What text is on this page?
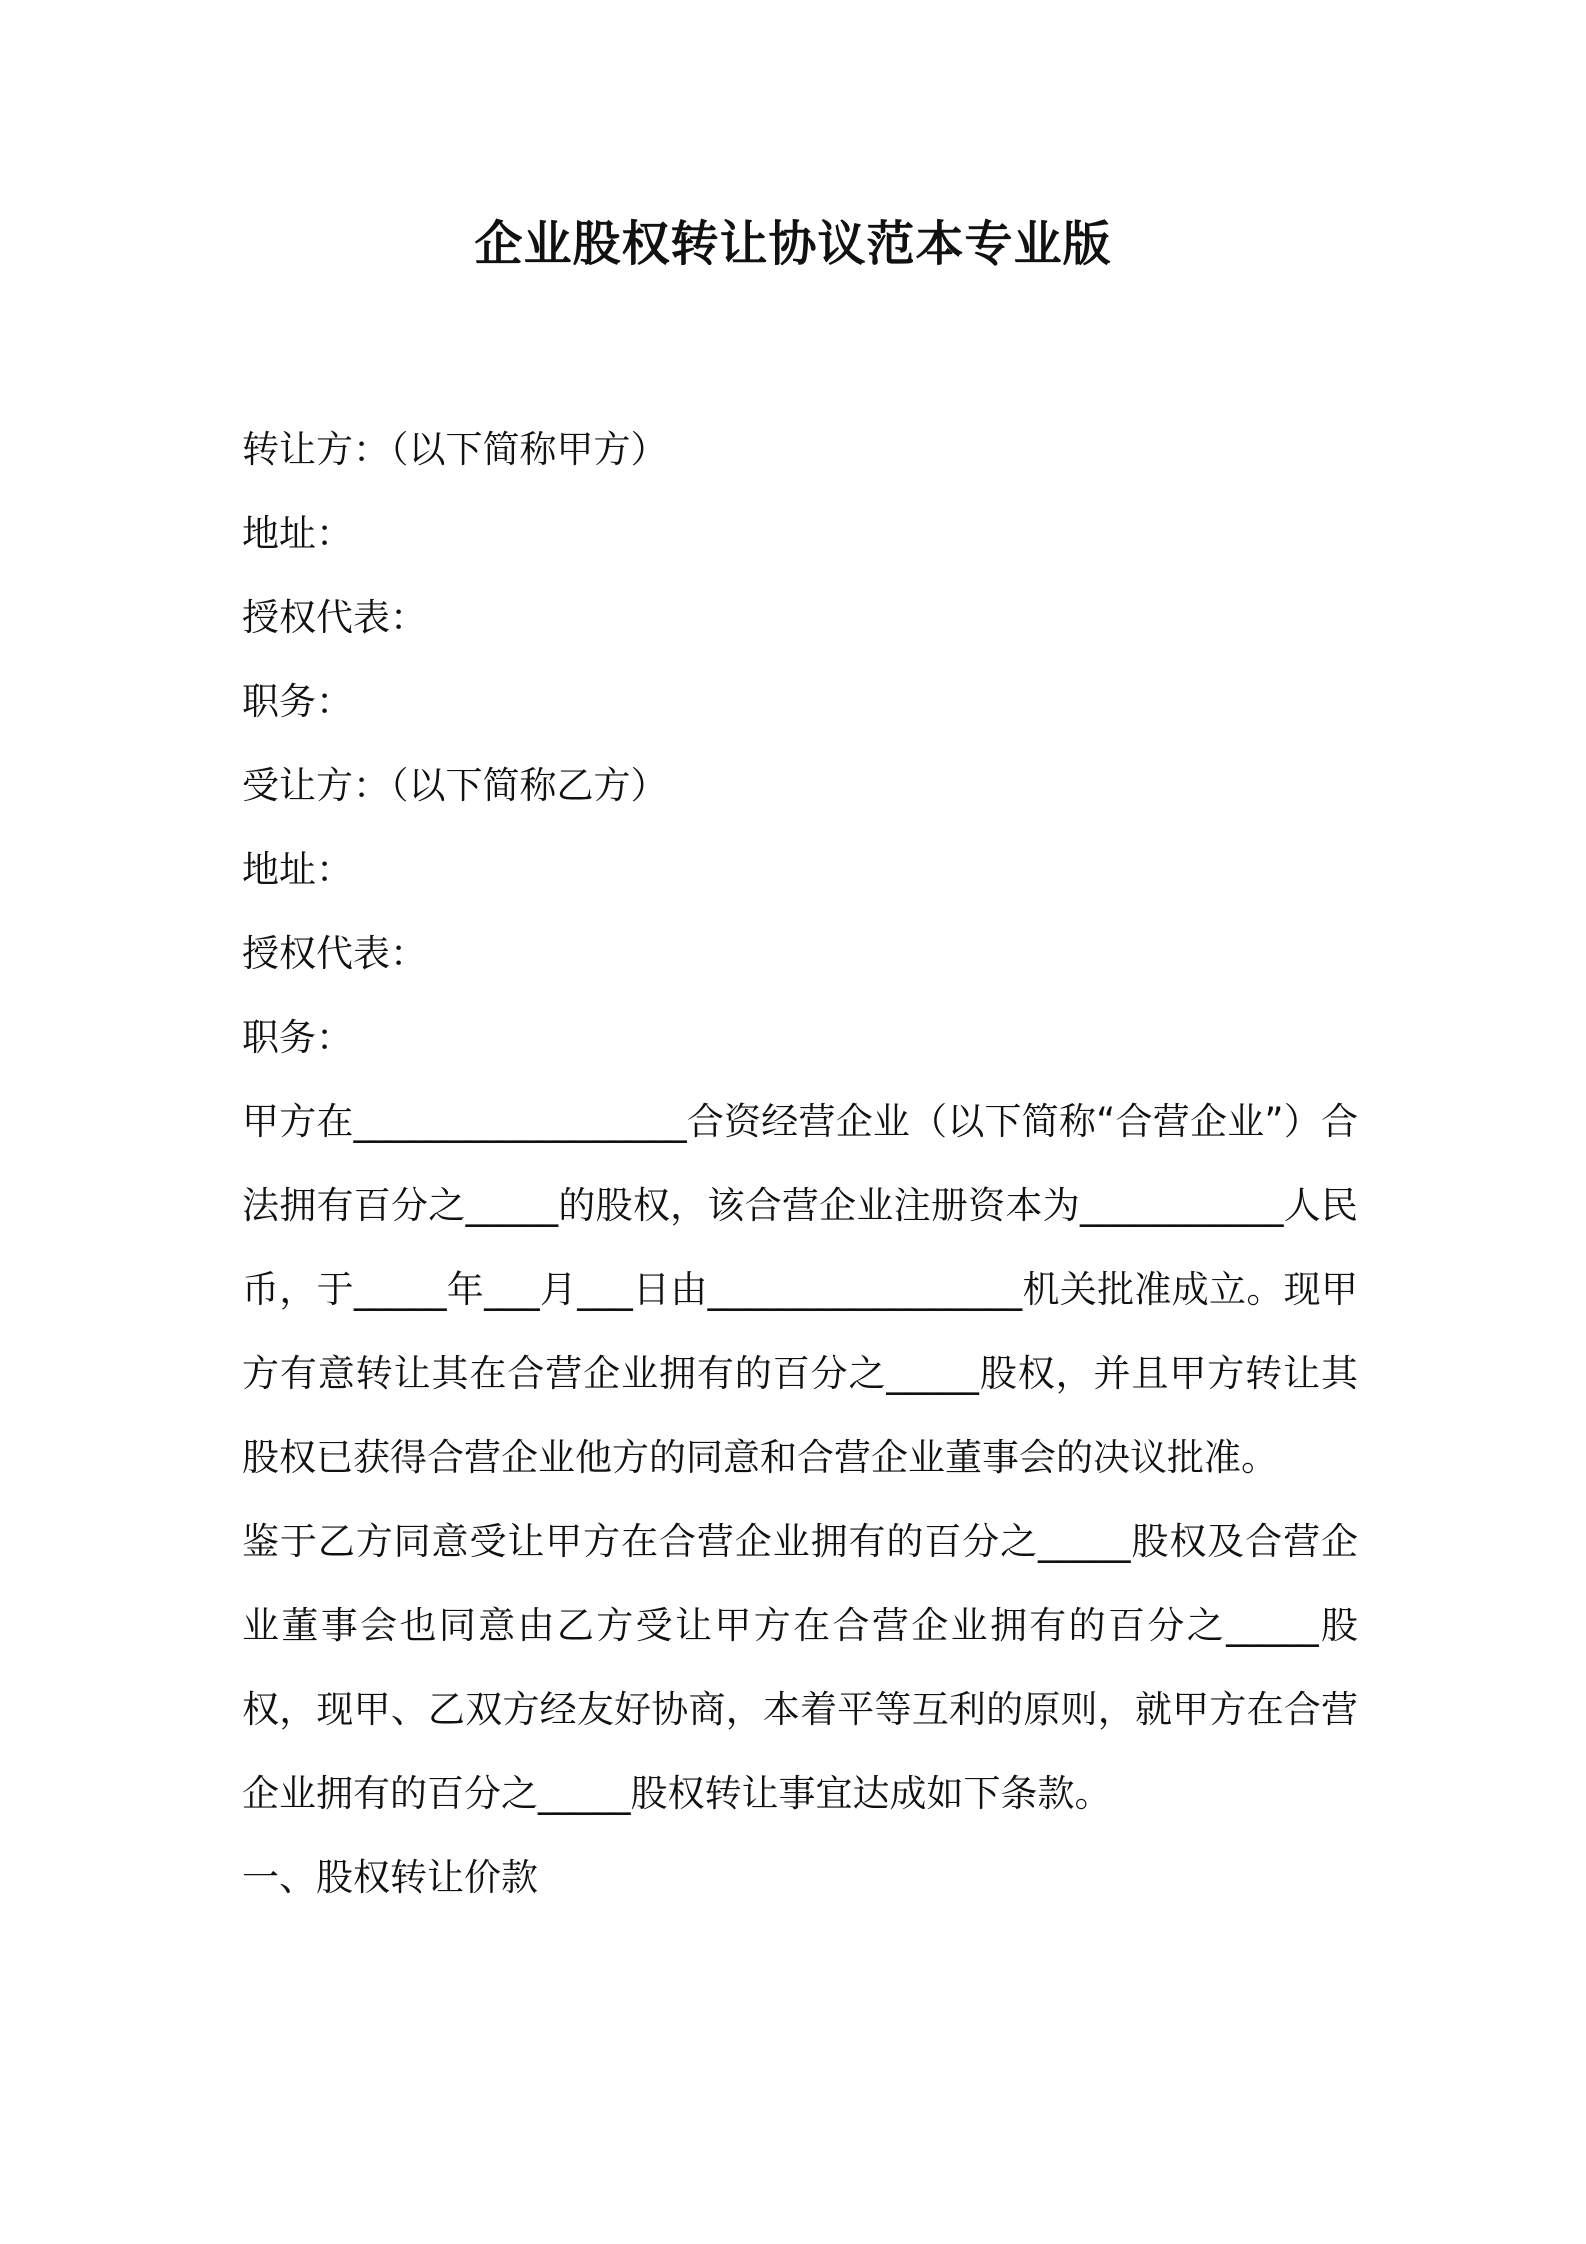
企业股权转让协议范本专业版

转让方：（以下简称甲方）

地址：

授权代表：

职务：

受让方：（以下简称乙方）

地址：

授权代表：

职务：

甲方在__________________合资经营企业（以下简称“合营企业”）合法拥有百分之_____的股权，该合营企业注册资本为___________人民币，于_____年___月___日由_________________机关批准成立。现甲方有意转让其在合营企业拥有的百分之_____股权，并且甲方转让其股权已获得合营企业他方的同意和合营企业董事会的决议批准。

鉴于乙方同意受让甲方在合营企业拥有的百分之_____股权及合营企业董事会也同意由乙方受让甲方在合营企业拥有的百分之_____股权，现甲、乙双方经友好协商，本着平等互利的原则，就甲方在合营企业拥有的百分之_____股权转让事宜达成如下条款。

一、股权转让价款
